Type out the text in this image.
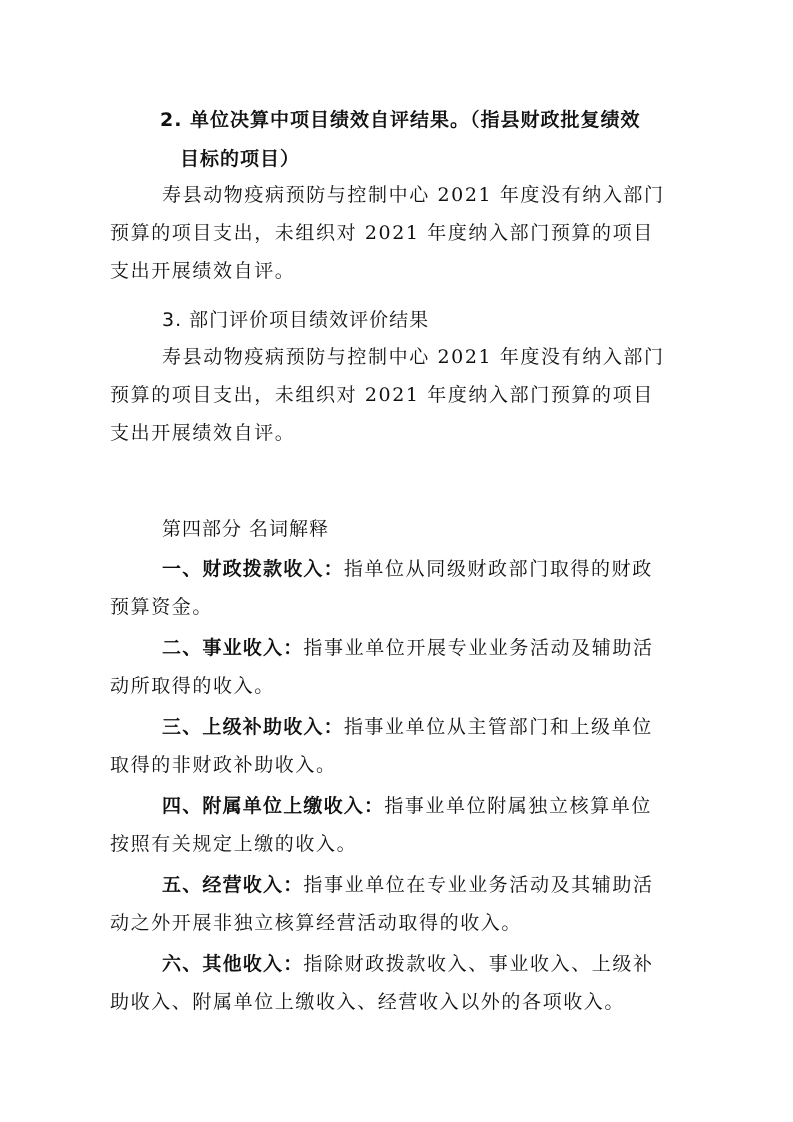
2. 单位决算中项目绩效自评结果。（指县财政批复绩效
目标的项目）
寿县动物疫病预防与控制中心 2021 年度没有纳入部门
预算的项目支出，未组织对 2021 年度纳入部门预算的项目
支出开展绩效自评。
3. 部门评价项目绩效评价结果
寿县动物疫病预防与控制中心 2021 年度没有纳入部门
预算的项目支出，未组织对 2021 年度纳入部门预算的项目
支出开展绩效自评。
第四部分 名词解释
一、财政拨款收入：指单位从同级财政部门取得的财政
预算资金。
二、事业收入：指事业单位开展专业业务活动及辅助活
动所取得的收入。
三、上级补助收入：指事业单位从主管部门和上级单位
取得的非财政补助收入。
四、附属单位上缴收入：指事业单位附属独立核算单位
按照有关规定上缴的收入。
五、经营收入：指事业单位在专业业务活动及其辅助活
动之外开展非独立核算经营活动取得的收入。
六、其他收入：指除财政拨款收入、事业收入、上级补
助收入、附属单位上缴收入、经营收入以外的各项收入。
